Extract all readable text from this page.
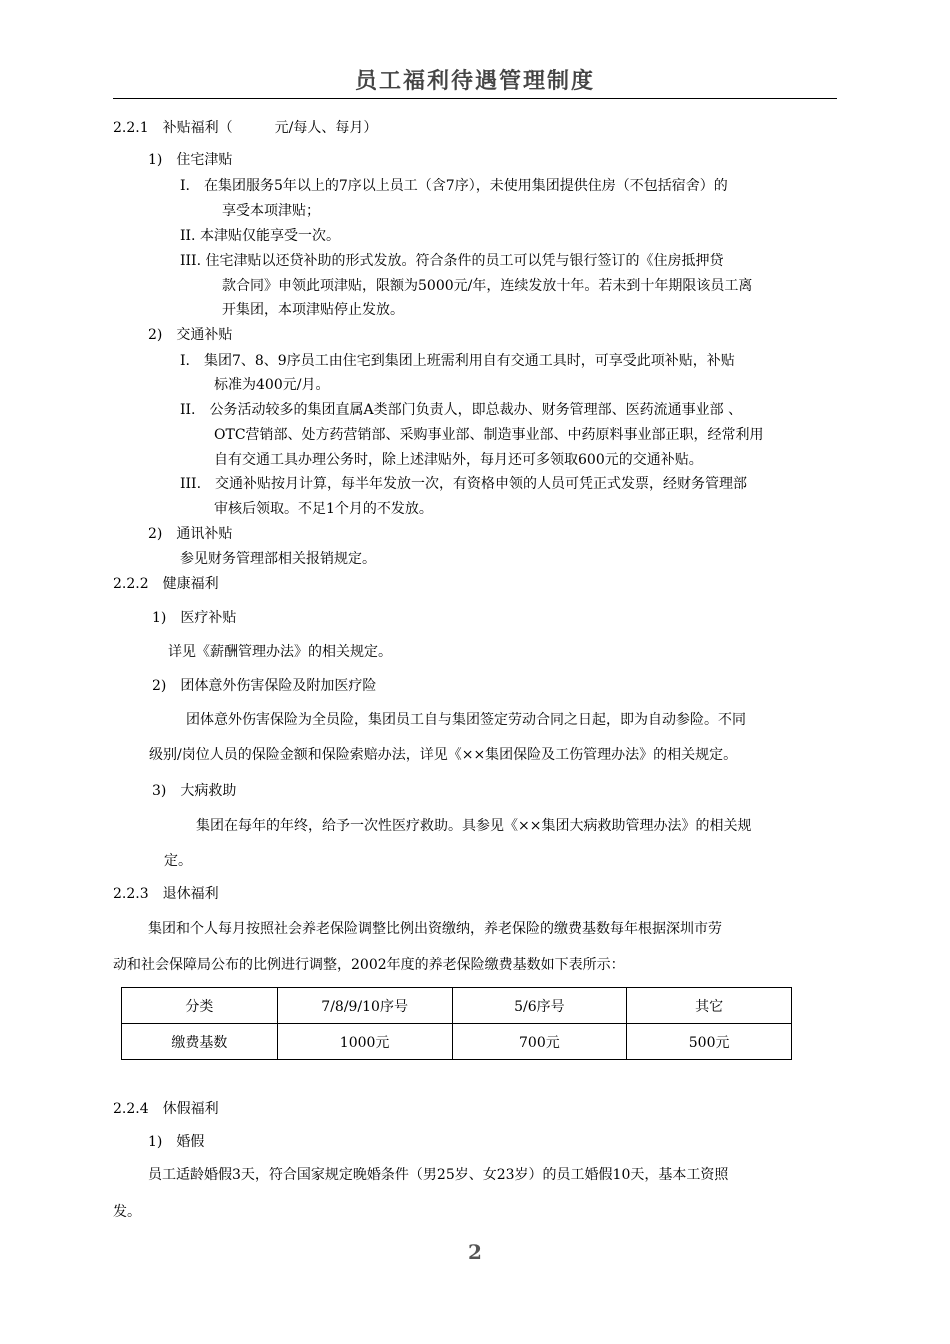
员工福利待遇管理制度
2.2.1　补贴福利（　　　元/每人、每月）
1)　住宅津贴
I.　在集团服务5年以上的7序以上员工（含7序），未使用集团提供住房（不包括宿舍）的
享受本项津贴；
II. 本津贴仅能享受一次。
III. 住宅津贴以还贷补助的形式发放。符合条件的员工可以凭与银行签订的《住房抵押贷
款合同》申领此项津贴，限额为5000元/年，连续发放十年。若未到十年期限该员工离
开集团，本项津贴停止发放。
2)　交通补贴
I.　集团7、8、9序员工由住宅到集团上班需利用自有交通工具时，可享受此项补贴，补贴
标准为400元/月。
II.　公务活动较多的集团直属A类部门负责人，即总裁办、财务管理部、医药流通事业部 、
OTC营销部、处方药营销部、采购事业部、制造事业部、中药原料事业部正职，经常利用
自有交通工具办理公务时，除上述津贴外，每月还可多领取600元的交通补贴。
III.　交通补贴按月计算，每半年发放一次，有资格申领的人员可凭正式发票，经财务管理部
审核后领取。不足1个月的不发放。
2)　通讯补贴
参见财务管理部相关报销规定。
2.2.2　健康福利
1)　医疗补贴
详见《薪酬管理办法》的相关规定。
2)　团体意外伤害保险及附加医疗险
团体意外伤害保险为全员险，集团员工自与集团签定劳动合同之日起，即为自动参险。不同
级别/岗位人员的保险金额和保险索赔办法，详见《××集团保险及工伤管理办法》的相关规定。
3)　大病救助
集团在每年的年终，给予一次性医疗救助。具参见《××集团大病救助管理办法》的相关规
定。
2.2.3　退休福利
集团和个人每月按照社会养老保险调整比例出资缴纳，养老保险的缴费基数每年根据深圳市劳
动和社会保障局公布的比例进行调整，2002年度的养老保险缴费基数如下表所示：
分类	7/8/9/10序号	5/6序号	其它
缴费基数	1000元	700元	500元
2.2.4　休假福利
1)　婚假
员工适龄婚假3天，符合国家规定晚婚条件（男25岁、女23岁）的员工婚假10天，基本工资照
发。
2
